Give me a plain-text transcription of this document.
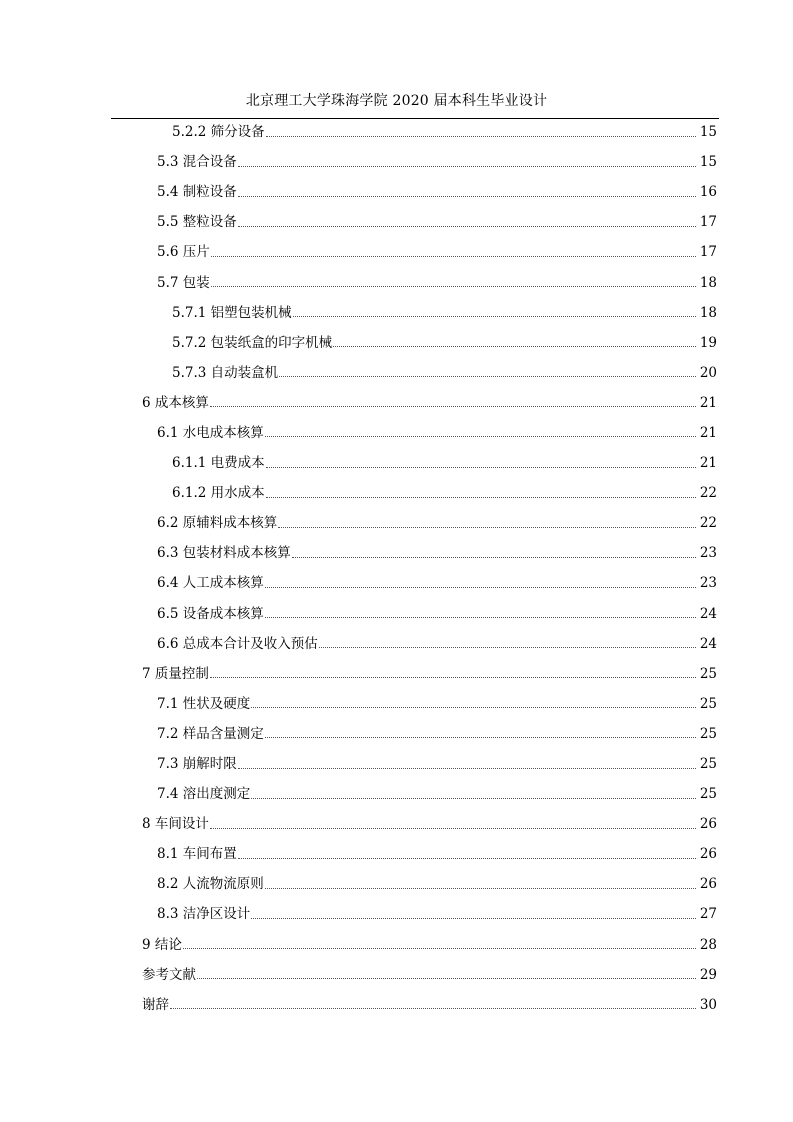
北京理工大学珠海学院 2020 届本科生毕业设计
5.2.2 筛分设备	15
5.3 混合设备	15
5.4 制粒设备	16
5.5 整粒设备	17
5.6 压片	17
5.7 包装	18
5.7.1 铝塑包装机械	18
5.7.2 包装纸盒的印字机械	19
5.7.3 自动装盒机	20
6 成本核算	21
6.1 水电成本核算	21
6.1.1 电费成本	21
6.1.2 用水成本	22
6.2 原辅料成本核算	22
6.3 包装材料成本核算	23
6.4 人工成本核算	23
6.5 设备成本核算	24
6.6 总成本合计及收入预估	24
7 质量控制	25
7.1 性状及硬度	25
7.2 样品含量测定	25
7.3 崩解时限	25
7.4 溶出度测定	25
8 车间设计	26
8.1 车间布置	26
8.2 人流物流原则	26
8.3 洁净区设计	27
9 结论	28
参考文献	29
谢辞	30
